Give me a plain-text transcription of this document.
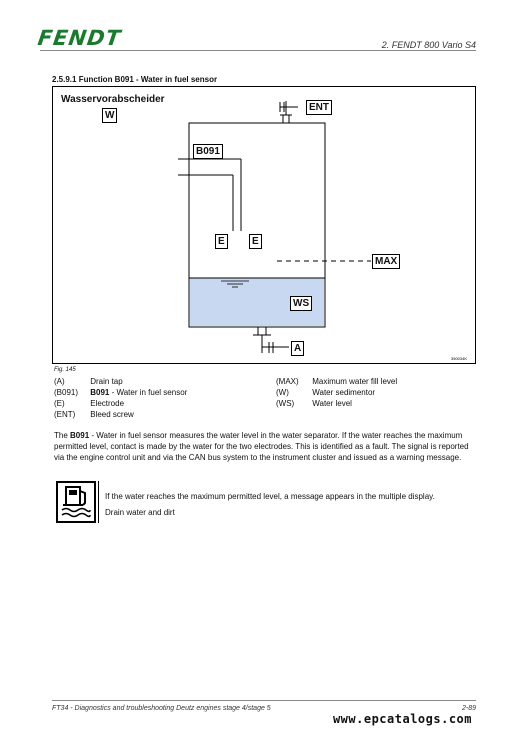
FENDT	2. FENDT 800 Vario S4
2.5.9.1 Function B091 - Water in fuel sensor
350034K
Wasservorabscheider
W
ENT
B091
E	E
MAX
WS
A
Fig. 145
(A)	Drain tap
(B091) B091 - Water in fuel sensor
(E)	Electrode
(ENT) Bleed screw
(MAX) Maximum water fill level
(W)	Water sedimentor
(WS) Water level
The B091 - Water in fuel sensor measures the water level in the water separator. If the water reaches the maximum permitted level, contact is made by the water for the two electrodes. This is identified as a fault. The signal is reported via the engine control unit and via the CAN bus system to the instrument cluster and issued as a warning message.
If the water reaches the maximum permitted level, a message appears in the multiple display.
Drain water and dirt
FT34 - Diagnostics and troubleshooting Deutz engines stage 4/stage 5	2-89
www.epcatalogs.com
